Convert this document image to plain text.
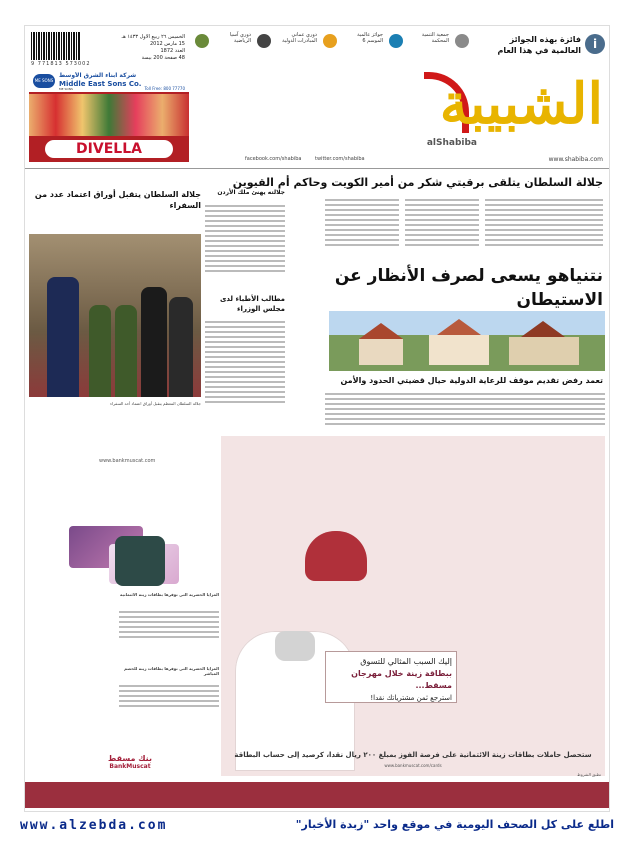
9 771813 573002
الخميس ٢٦ ربيع الاول ١٤٣٣ هـ
15 مارس 2012
العدد 1872
48 صفحة 200 بيسة
دوري آسيا
الرياضية
دوري عماني
المبادرات الدولية
جوائز عالمية
الموسم 6
جمعية التنمية
المحكمة	فائزة بهذه الجوائز العالمية في هذا العام i
الشبيبة
alShabiba
www.shabiba.com
twitter.com/shabiba
facebook.com/shabiba
ME SONS
شركة ابناء الشرق الأوسط
Middle East Sons Co.
ME SONS	Toll Free: 800 77770
DIVELLA
جلالة السلطان يتلقى برقيتي شكر من أمير الكويت وحاكم أم القيوين
نتنياهو يسعى لصرف الأنظار عن الاستيطان
تعمد رفض تقديم موقف للرعاية الدولية حيال قضيتي الحدود والأمن
جلالة السلطان يتقبل أوراق اعتماد عدد من السفراء
جلالته يهنئ ملك الأردن
مطالب الأطباء لدى مجلس الوزراء
جلالة السلطان المعظم يتقبل أوراق اعتماد أحد السفراء
www.bankmuscat.com
المزايا الحصرية التي توفرها بطاقات زينة الائتمانية
المزايا الحصرية التي توفرها بطاقات زينة للخصم المباشر
بنك مسقط
BankMuscat
إليك السبب المثالي للتسوق
ببطاقة زينة خلال مهرجان مسقط...
استرجع ثمن مشترياتك نقدا!
ستحصل حاملات بطاقات زينة الائتمانية على فرصة الفوز بمبلغ ٢٠٠ ريال نقدا، كرصيد إلى حساب البطاقة
www.bankmuscat.com/cards
تطبق الشروط
www.alzebda.com	اطلع على كل الصحف اليومية في موقع واحد "زبدة الأخبار"
